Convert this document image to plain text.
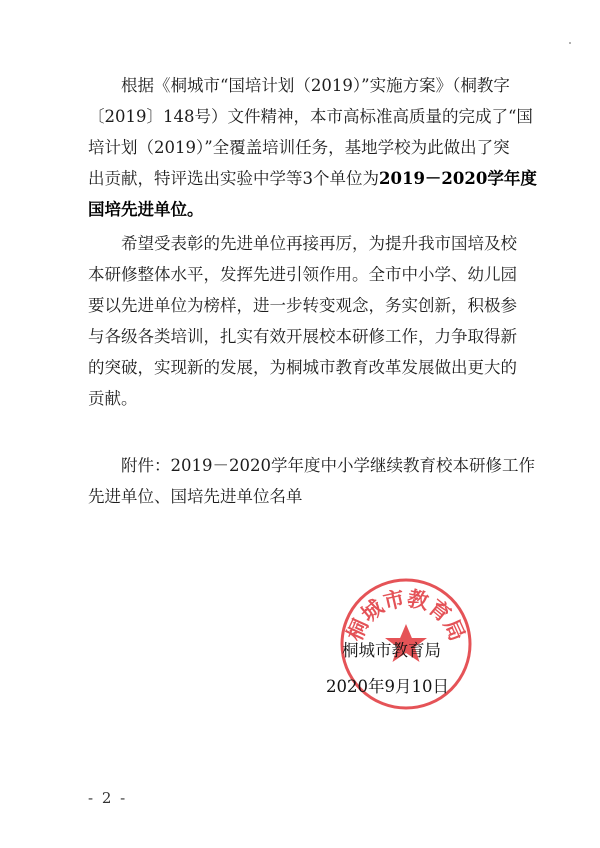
根据《桐城市“国培计划（2019）”实施方案》（桐教字

〔2019〕148号）文件精神，本市高标准高质量的完成了“国

培计划（2019）”全覆盖培训任务，基地学校为此做出了突

出贡献，特评选出实验中学等3个单位为2019－2020学年度

国培先进单位。

希望受表彰的先进单位再接再厉，为提升我市国培及校

本研修整体水平，发挥先进引领作用。全市中小学、幼儿园

要以先进单位为榜样，进一步转变观念，务实创新，积极参

与各级各类培训，扎实有效开展校本研修工作，力争取得新

的突破，实现新的发展，为桐城市教育改革发展做出更大的

贡献。

附件：2019－2020学年度中小学继续教育校本研修工作

先进单位、国培先进单位名单

桐城市教育局
桐城市教育局
2020年9月10日
- 2 -
